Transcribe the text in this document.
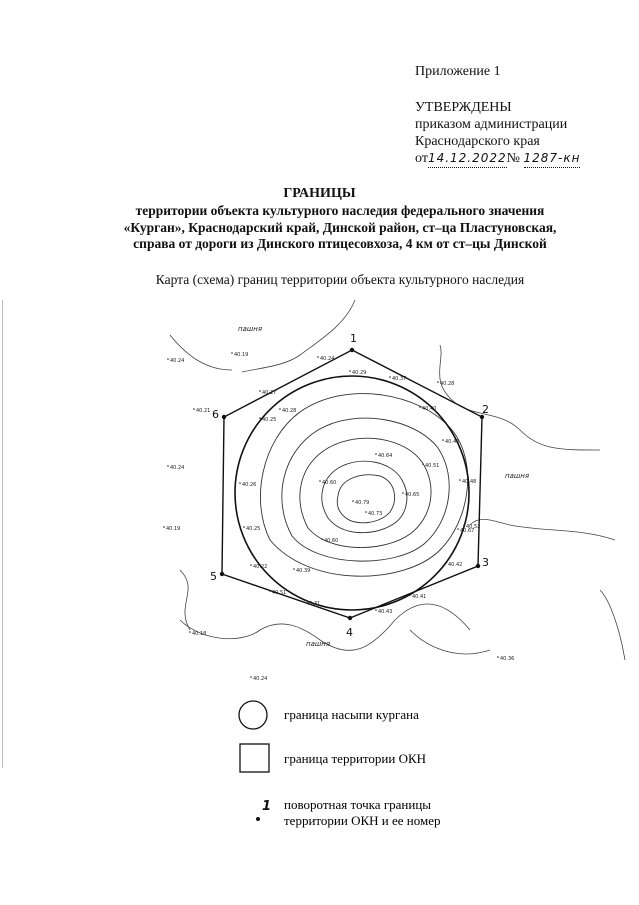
Приложение 1
УТВЕРЖДЕНЫ
приказом администрации
Краснодарского края
от14.12.2022№ 1287-кн
ГРАНИЦЫ
территории объекта культурного наследия федерального значения
«Курган», Краснодарский край, Динской район, ст–ца Пластуновская,
справа от дороги из Динского птицесовхоза, 4 км от ст–цы Динской
Карта (схема) границ территории объекта культурного наследия
1
2
3
4
5
6
пашня
пашня
пашня
40.24
40.19
40.24
40.29
40.37
40.28
40.27
40.28	40.40
40.21
40.25
40.46
40.24
40.64
40.51
40.26	40.60	40.48
40.79
40.65
40.73
40.52
40.25
40.60
40.42
40.22
40.39
40.51
40.41
40.18
40.31
40.43
40.19
40.36
40.24
40.67
граница насыпи кургана
граница территории ОКН
1 поворотная точка границы
территории ОКН и ее номер
